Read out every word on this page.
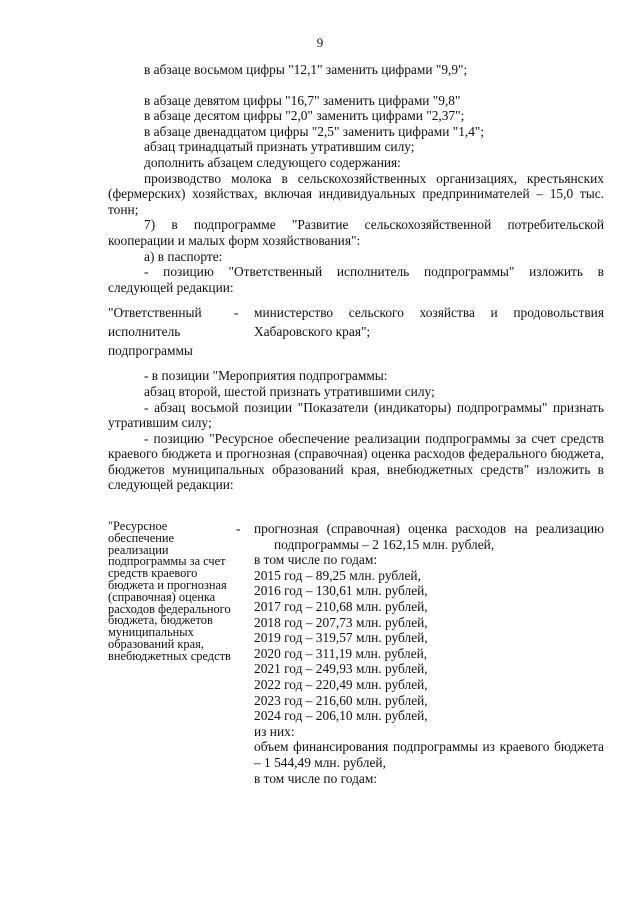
9

в абзаце восьмом цифры "12,1" заменить цифрами "9,9";

в абзаце девятом цифры "16,7" заменить цифрами "9,8"

в абзаце десятом цифры "2,0" заменить цифрами "2,37";

в абзаце двенадцатом цифры "2,5" заменить цифрами "1,4";

абзац тринадцатый признать утратившим силу;

дополнить абзацем следующего содержания:

производство молока в сельскохозяйственных организациях, крестьянских (фермерских) хозяйствах, включая индивидуальных предпринимателей – 15,0 тыс. тонн;

7) в подпрограмме "Развитие сельскохозяйственной потребительской кооперации и малых форм хозяйствования":

а) в паспорте:

- позицию "Ответственный исполнитель подпрограммы" изложить в следующей редакции:

"Ответственный исполнитель подпрограммы
-	министерство сельского хозяйства и продовольствия Хабаровского края";

- в позиции "Мероприятия подпрограммы:

абзац второй, шестой признать утратившими силу;

- абзац восьмой позиции "Показатели (индикаторы) подпрограммы" признать утратившим силу;

- позицию "Ресурсное обеспечение реализации подпрограммы за счет средств краевого бюджета и прогнозная (справочная) оценка расходов федерального бюджета, бюджетов муниципальных образований края, внебюджетных средств" изложить в следующей редакции:

"Ресурсное обеспечение реализации подпрограммы за счет средств краевого бюджета и прогнозная (справочная) оценка расходов федерального бюджета, бюджетов муниципальных образований края, внебюджетных средств
-	прогнозная (справочная) оценка расходов на реализацию подпрограммы – 2 162,15 млн. рублей,

в том числе по годам:

2015 год – 89,25 млн. рублей,

2016 год – 130,61 млн. рублей,

2017 год – 210,68 млн. рублей,

2018 год – 207,73 млн. рублей,

2019 год – 319,57 млн. рублей,

2020 год – 311,19 млн. рублей,

2021 год – 249,93 млн. рублей,

2022 год – 220,49 млн. рублей,

2023 год – 216,60 млн. рублей,

2024 год – 206,10 млн. рублей,

из них:

объем финансирования подпрограммы из краевого бюджета – 1 544,49 млн. рублей,

в том числе по годам:
